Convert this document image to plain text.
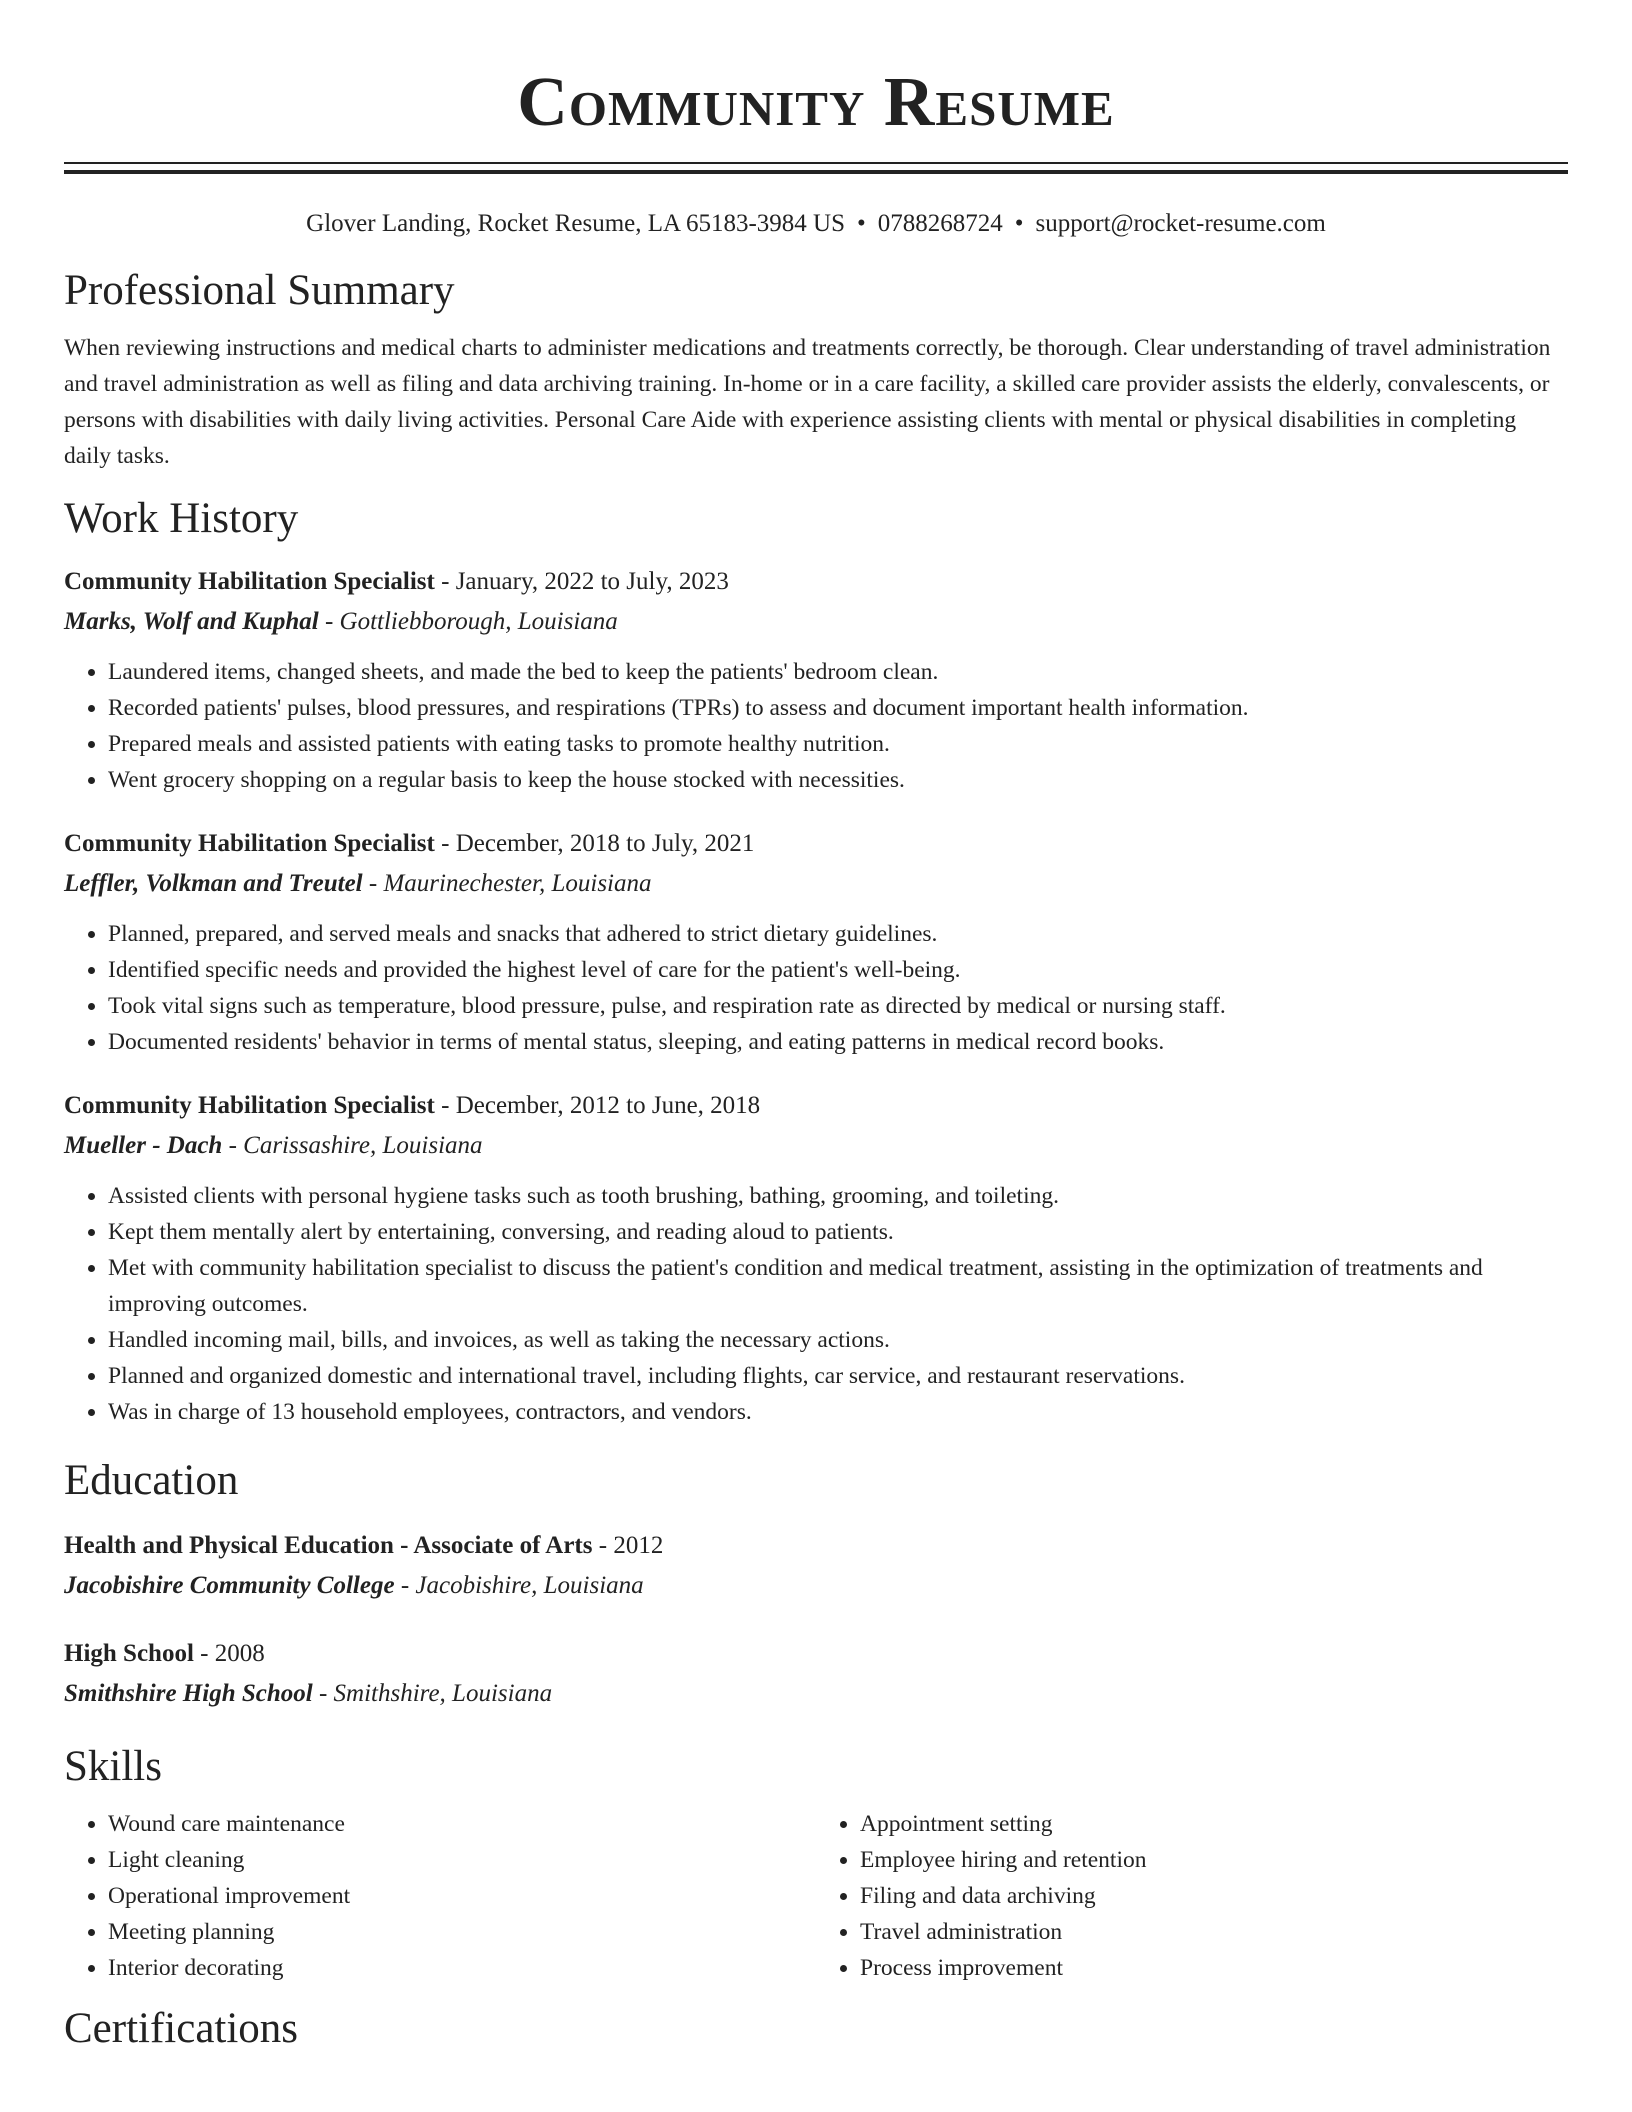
Community Resume
Glover Landing, Rocket Resume, LA 65183-3984 US • 0788268724 • support@rocket-resume.com
Professional Summary

When reviewing instructions and medical charts to administer medications and treatments correctly, be thorough. Clear understanding of travel administration and travel administration as well as filing and data archiving training. In-home or in a care facility, a skilled care provider assists the elderly, convalescents, or persons with disabilities with daily living activities. Personal Care Aide with experience assisting clients with mental or physical disabilities in completing daily tasks.

Work History
Community Habilitation Specialist - January, 2022 to July, 2023
Marks, Wolf and Kuphal - Gottliebborough, Louisiana
• Laundered items, changed sheets, and made the bed to keep the patients' bedroom clean.
• Recorded patients' pulses, blood pressures, and respirations (TPRs) to assess and document important health information.
• Prepared meals and assisted patients with eating tasks to promote healthy nutrition.
• Went grocery shopping on a regular basis to keep the house stocked with necessities.
Community Habilitation Specialist - December, 2018 to July, 2021
Leffler, Volkman and Treutel - Maurinechester, Louisiana
• Planned, prepared, and served meals and snacks that adhered to strict dietary guidelines.
• Identified specific needs and provided the highest level of care for the patient's well-being.
• Took vital signs such as temperature, blood pressure, pulse, and respiration rate as directed by medical or nursing staff.
• Documented residents' behavior in terms of mental status, sleeping, and eating patterns in medical record books.
Community Habilitation Specialist - December, 2012 to June, 2018
Mueller - Dach - Carissashire, Louisiana
• Assisted clients with personal hygiene tasks such as tooth brushing, bathing, grooming, and toileting.
• Kept them mentally alert by entertaining, conversing, and reading aloud to patients.
• Met with community habilitation specialist to discuss the patient's condition and medical treatment, assisting in the optimization of treatments and improving outcomes.
• Handled incoming mail, bills, and invoices, as well as taking the necessary actions.
• Planned and organized domestic and international travel, including flights, car service, and restaurant reservations.
• Was in charge of 13 household employees, contractors, and vendors.
Education
Health and Physical Education - Associate of Arts - 2012
Jacobishire Community College - Jacobishire, Louisiana
High School - 2008
Smithshire High School - Smithshire, Louisiana
Skills
• Wound care maintenance
• Light cleaning
• Operational improvement
• Meeting planning
• Interior decorating
• Appointment setting
• Employee hiring and retention
• Filing and data archiving
• Travel administration
• Process improvement
Certifications
